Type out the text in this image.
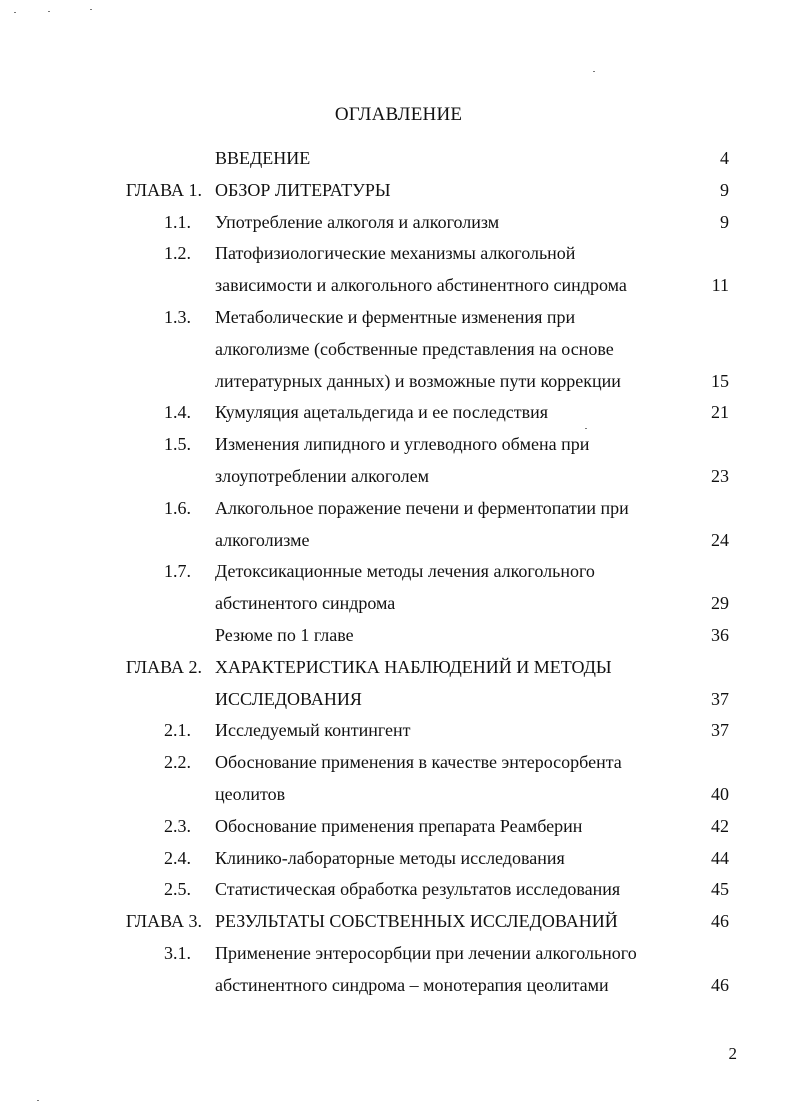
ОГЛАВЛЕНИЕ
ВВЕДЕНИЕ	4
ГЛАВА 1. ОБЗОР ЛИТЕРАТУРЫ	9
1.1. Употребление алкоголя и алкоголизм	9
1.2. Патофизиологические механизмы алкогольной
зависимости и алкогольного абстинентного синдрома	11
1.3. Метаболические и ферментные изменения при
алкоголизме (собственные представления на основе
литературных данных) и возможные пути коррекции	15
1.4. Кумуляция ацетальдегида и ее последствия	21
1.5. Изменения липидного и углеводного обмена при
злоупотреблении алкоголем	23
1.6. Алкогольное поражение печени и ферментопатии при
алкоголизме	24
1.7. Детоксикационные методы лечения алкогольного
абстинентого синдрома	29
Резюме по 1 главе	36
ГЛАВА 2. ХАРАКТЕРИСТИКА НАБЛЮДЕНИЙ И МЕТОДЫ
ИССЛЕДОВАНИЯ	37
2.1. Исследуемый контингент	37
2.2. Обоснование применения в качестве энтеросорбента
цеолитов	40
2.3. Обоснование применения препарата Реамберин	42
2.4. Клинико-лабораторные методы исследования	44
2.5. Статистическая обработка результатов исследования	45
ГЛАВА 3. РЕЗУЛЬТАТЫ СОБСТВЕННЫХ ИССЛЕДОВАНИЙ	46
3.1. Применение энтеросорбции при лечении алкогольного
абстинентного синдрома – монотерапия цеолитами	46
2
